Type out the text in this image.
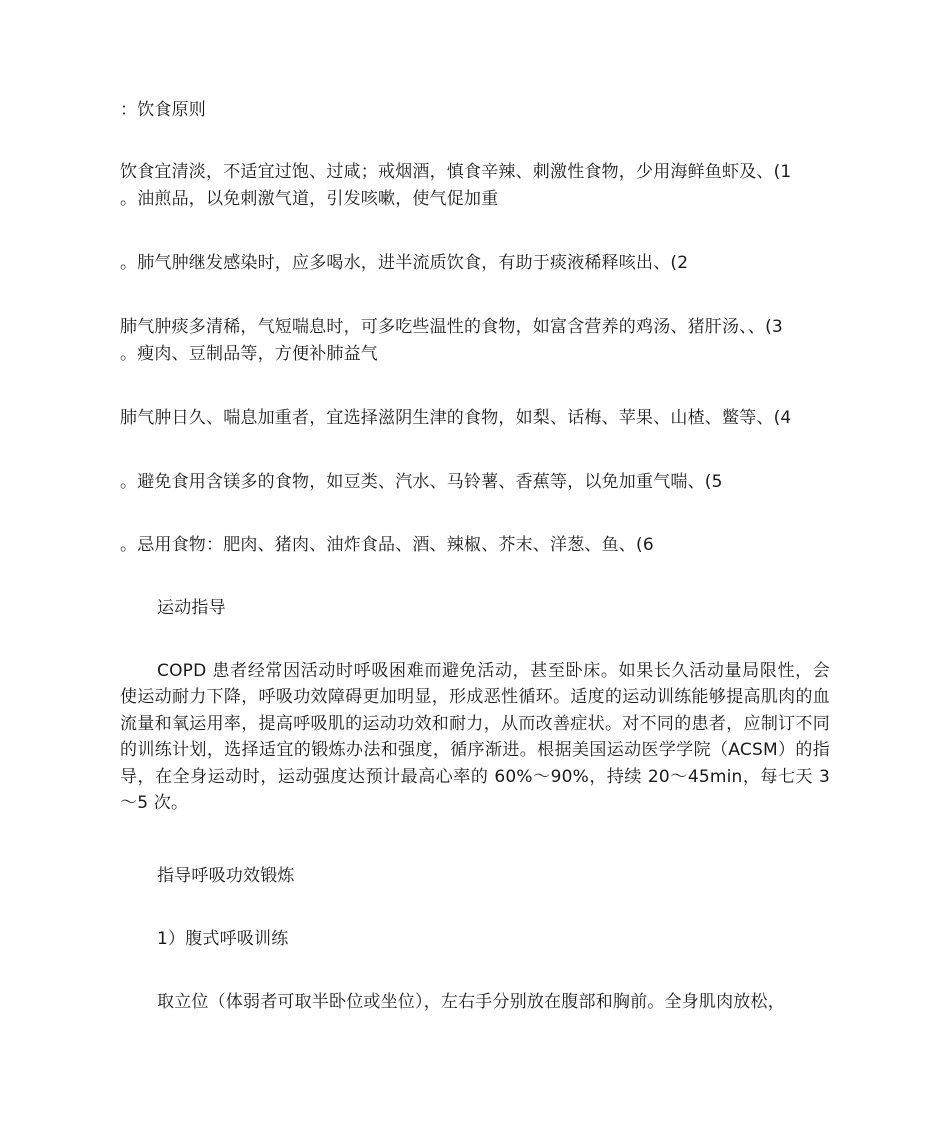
：饮食原则
饮食宜清淡，不适宜过饱、过咸；戒烟酒，慎食辛辣、刺激性食物，少用海鲜鱼虾及、(1
。油煎品，以免刺激气道，引发咳嗽，使气促加重
。肺气肿继发感染时，应多喝水，进半流质饮食，有助于痰液稀释咳出、(2
肺气肿痰多清稀，气短喘息时，可多吃些温性的食物，如富含营养的鸡汤、猪肝汤、、(3
。瘦肉、豆制品等，方便补肺益气
肺气肿日久、喘息加重者，宜选择滋阴生津的食物，如梨、话梅、苹果、山楂、鳖等、(4
。避免食用含镁多的食物，如豆类、汽水、马铃薯、香蕉等，以免加重气喘、(5
。忌用食物：肥肉、猪肉、油炸食品、酒、辣椒、芥末、洋葱、鱼、(6
运动指导
COPD 患者经常因活动时呼吸困难而避免活动，甚至卧床。如果长久活动量局限性，会使运动耐力下降，呼吸功效障碍更加明显，形成恶性循环。适度的运动训练能够提高肌肉的血流量和氧运用率，提高呼吸肌的运动功效和耐力，从而改善症状。对不同的患者，应制订不同的训练计划，选择适宜的锻炼办法和强度，循序渐进。根据美国运动医学学院（ACSM）的指导，在全身运动时，运动强度达预计最高心率的 60%～90%，持续 20～45min，每七天 3～5 次。
指导呼吸功效锻炼
1）腹式呼吸训练
取立位（体弱者可取半卧位或坐位），左右手分别放在腹部和胸前。全身肌肉放松，
